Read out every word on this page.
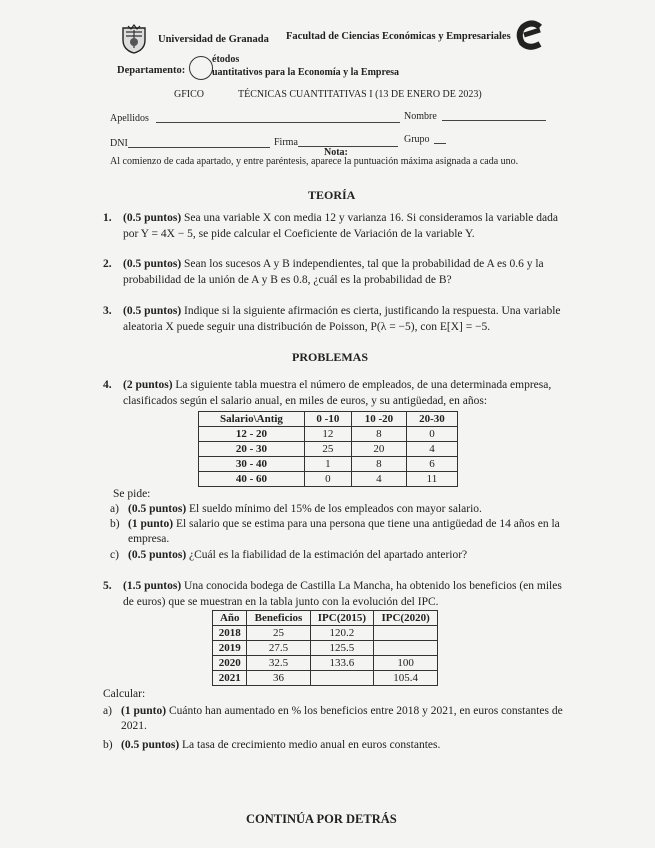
Universidad de Granada Facultad de Ciencias Económicas y Empresariales
Departamento:
étodos
uantitativos para la Economía y la Empresa
GFICO	TÉCNICAS CUANTITATIVAS I (13 DE ENERO DE 2023)
Apellidos	Nombre
DNI	Firma	Grupo
Nota:
Al comienzo de cada apartado, y entre paréntesis, aparece la puntuación máxima asignada a cada uno.
TEORÍA
1. (0.5 puntos) Sea una variable X con media 12 y varianza 16. Si consideramos la variable dada por Y = 4X − 5, se pide calcular el Coeficiente de Variación de la variable Y.
2. (0.5 puntos) Sean los sucesos A y B independientes, tal que la probabilidad de A es 0.6 y la probabilidad de la unión de A y B es 0.8, ¿cuál es la probabilidad de B?
3. (0.5 puntos) Indique si la siguiente afirmación es cierta, justificando la respuesta. Una variable aleatoria X puede seguir una distribución de Poisson, P(λ = −5), con E[X] = −5.
PROBLEMAS
4. (2 puntos) La siguiente tabla muestra el número de empleados, de una determinada empresa, clasificados según el salario anual, en miles de euros, y su antigüedad, en años:
Salario\Antig	0 -10	10 -20	20-30
12 - 20	12	8	0
20 - 30	25	20	4
30 - 40	1	8	6
40 - 60	0	4	11
Se pide:
a) (0.5 puntos) El sueldo mínimo del 15% de los empleados con mayor salario.
b) (1 punto) El salario que se estima para una persona que tiene una antigüedad de 14 años en la empresa.
c) (0.5 puntos) ¿Cuál es la fiabilidad de la estimación del apartado anterior?
5. (1.5 puntos) Una conocida bodega de Castilla La Mancha, ha obtenido los beneficios (en miles de euros) que se muestran en la tabla junto con la evolución del IPC.
Año	Beneficios	IPC(2015)	IPC(2020)
2018	25	120.2	
2019	27.5	125.5	
2020	32.5	133.6	100
2021	36		105.4
Calcular:
a) (1 punto) Cuánto han aumentado en % los beneficios entre 2018 y 2021, en euros constantes de 2021.
b) (0.5 puntos) La tasa de crecimiento medio anual en euros constantes.
CONTINÚA POR DETRÁS
